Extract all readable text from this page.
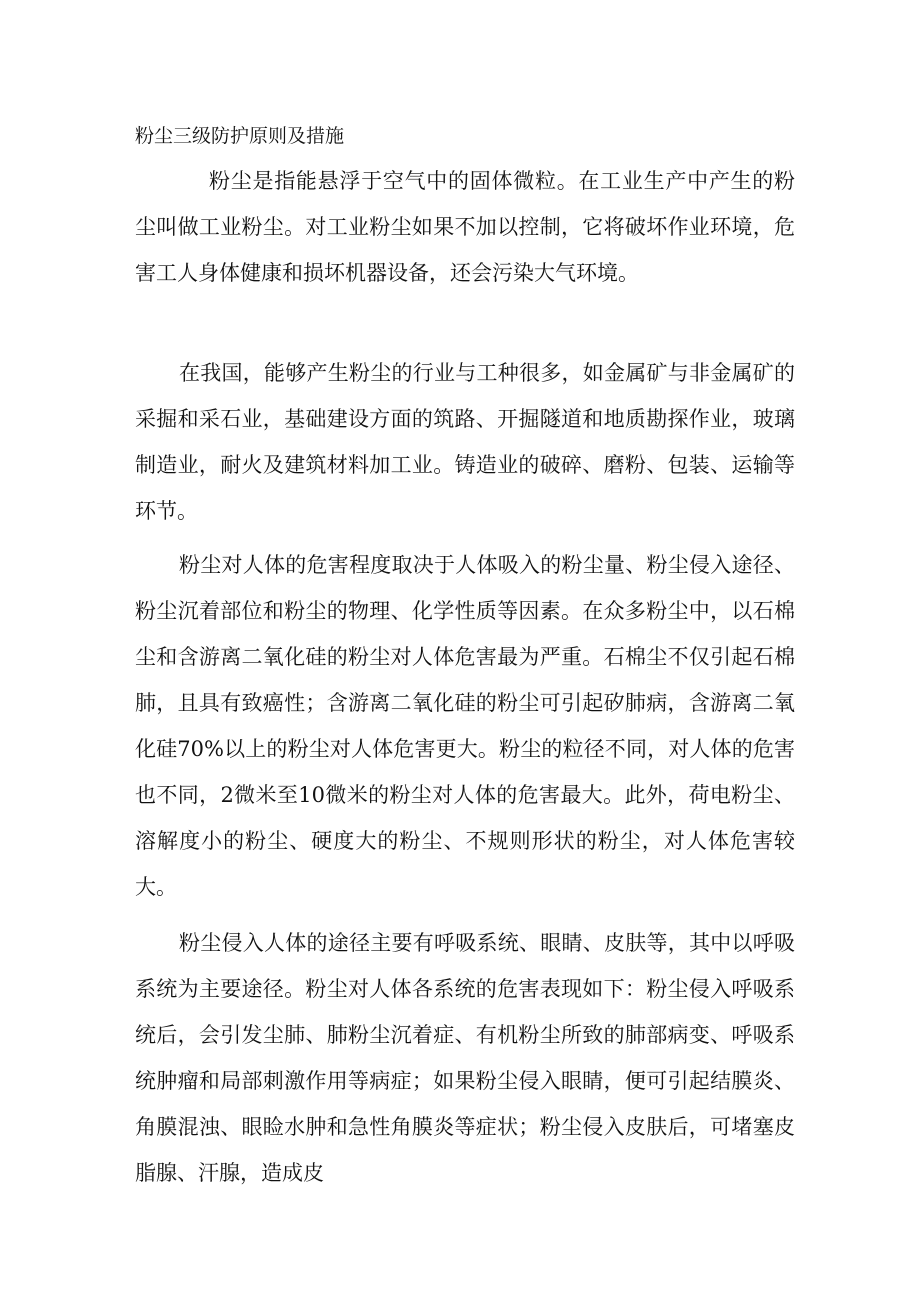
粉尘三级防护原则及措施

粉尘是指能悬浮于空气中的固体微粒。在工业生产中产生的粉尘叫做工业粉尘。对工业粉尘如果不加以控制，它将破坏作业环境，危害工人身体健康和损坏机器设备，还会污染大气环境。

在我国，能够产生粉尘的行业与工种很多，如金属矿与非金属矿的采掘和采石业，基础建设方面的筑路、开掘隧道和地质勘探作业，玻璃制造业，耐火及建筑材料加工业。铸造业的破碎、磨粉、包装、运输等环节。

粉尘对人体的危害程度取决于人体吸入的粉尘量、粉尘侵入途径、粉尘沉着部位和粉尘的物理、化学性质等因素。在众多粉尘中，以石棉尘和含游离二氧化硅的粉尘对人体危害最为严重。石棉尘不仅引起石棉肺，且具有致癌性；含游离二氧化硅的粉尘可引起矽肺病，含游离二氧化硅70%以上的粉尘对人体危害更大。粉尘的粒径不同，对人体的危害也不同，2微米至10微米的粉尘对人体的危害最大。此外，荷电粉尘、溶解度小的粉尘、硬度大的粉尘、不规则形状的粉尘，对人体危害较大。

粉尘侵入人体的途径主要有呼吸系统、眼睛、皮肤等，其中以呼吸系统为主要途径。粉尘对人体各系统的危害表现如下：粉尘侵入呼吸系统后，会引发尘肺、肺粉尘沉着症、有机粉尘所致的肺部病变、呼吸系统肿瘤和局部刺激作用等病症；如果粉尘侵入眼睛，便可引起结膜炎、角膜混浊、眼睑水肿和急性角膜炎等症状；粉尘侵入皮肤后，可堵塞皮脂腺、汗腺，造成皮
